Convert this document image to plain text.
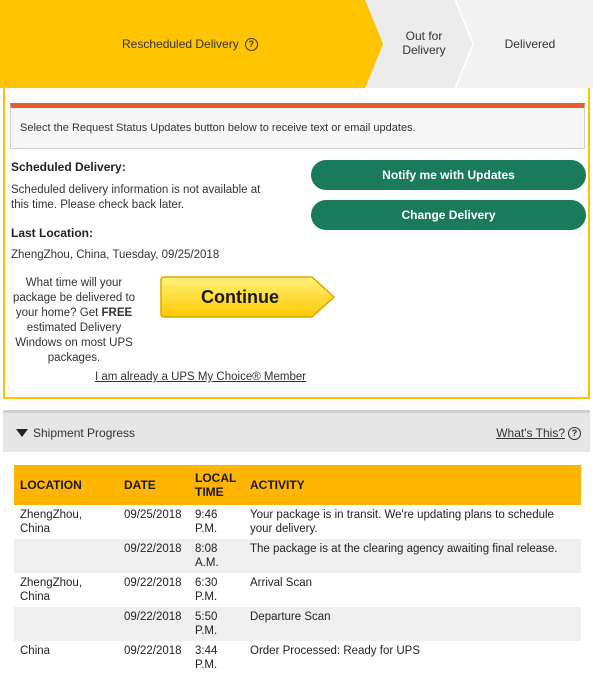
Rescheduled Delivery	?
Out for Delivery	Delivered
Select the Request Status Updates button below to receive text or email updates.
Scheduled Delivery:
Scheduled delivery information is not available at this time. Please check back later.
Last Location:
ZhengZhou, China, Tuesday, 09/25/2018
Notify me with Updates
Change Delivery
What time will your package be delivered to your home? Get FREE estimated Delivery Windows on most UPS packages.
Continue
I am already a UPS My Choice® Member
Shipment Progress	What's This? ?
LOCATION	DATE	LOCAL TIME	ACTIVITY
ZhengZhou, China	09/25/2018	9:46 P.M.	Your package is in transit. We're updating plans to schedule your delivery.
	09/22/2018	8:08 A.M.	The package is at the clearing agency awaiting final release.
ZhengZhou, China	09/22/2018	6:30 P.M.	Arrival Scan
	09/22/2018	5:50 P.M.	Departure Scan
China	09/22/2018	3:44 P.M.	Order Processed: Ready for UPS
